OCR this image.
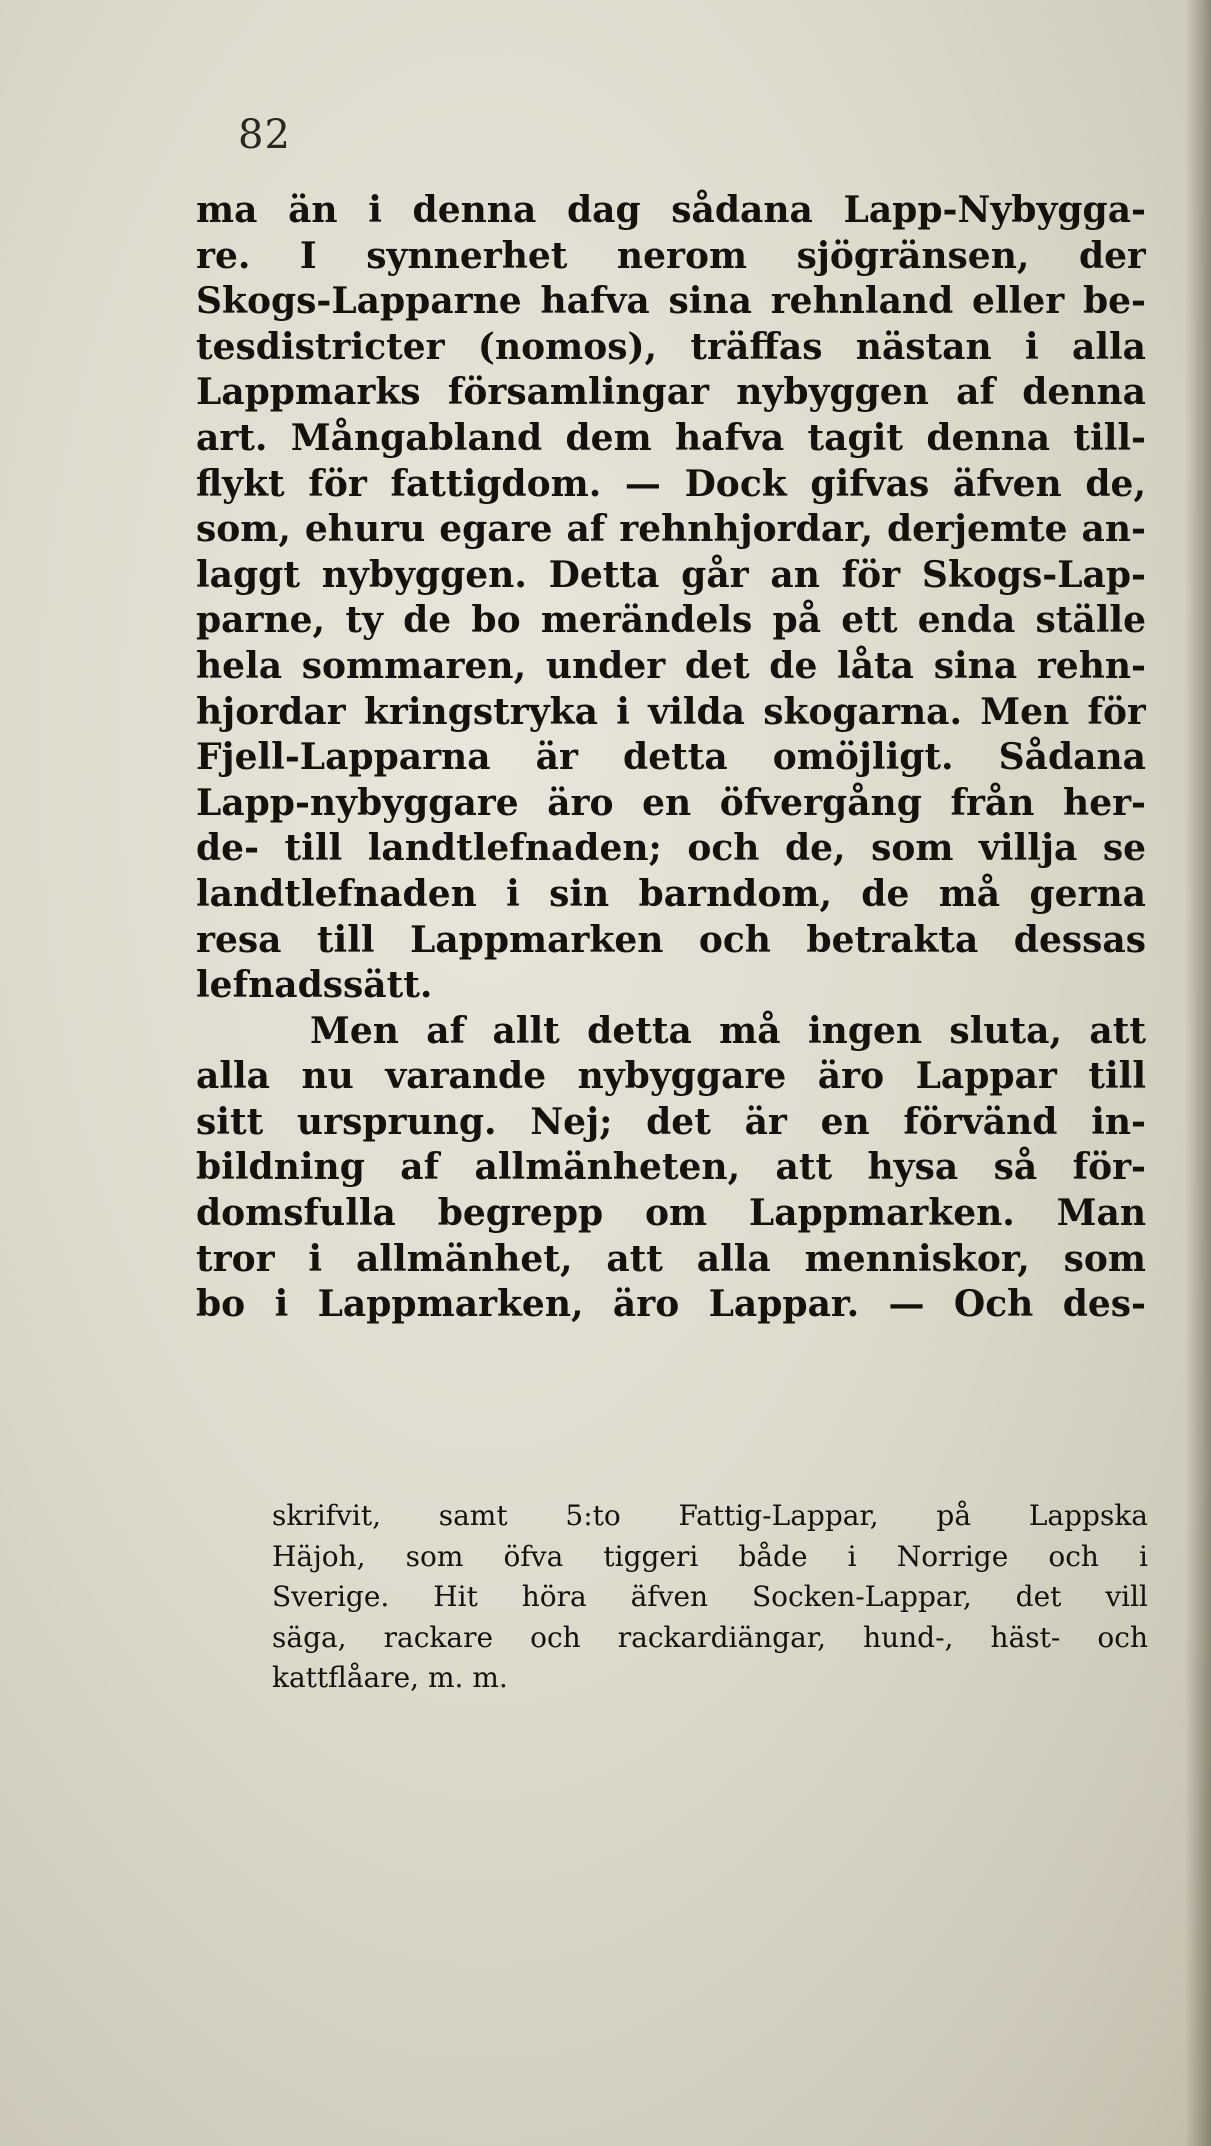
82
ma än i denna dag sådana Lapp-Nybygga-
re. I synnerhet nerom sjögränsen, der
Skogs-Lapparne hafva sina rehnland eller be-
tesdistricter (nomos), träffas nästan i alla
Lappmarks församlingar nybyggen af denna
art. Mångabland dem hafva tagit denna till-
flykt för fattigdom. — Dock gifvas äfven de,
som, ehuru egare af rehnhjordar, derjemte an-
laggt nybyggen. Detta går an för Skogs-Lap-
parne, ty de bo merändels på ett enda ställe
hela sommaren, under det de låta sina rehn-
hjordar kringstryka i vilda skogarna. Men för
Fjell-Lapparna är detta omöjligt. Sådana
Lapp-nybyggare äro en öfvergång från her-
de- till landtlefnaden; och de, som villja se
landtlefnaden i sin barndom, de må gerna
resa till Lappmarken och betrakta dessas
lefnadssätt.
Men af allt detta må ingen sluta, att
alla nu varande nybyggare äro Lappar till
sitt ursprung. Nej; det är en förvänd in-
bildning af allmänheten, att hysa så för-
domsfulla begrepp om Lappmarken. Man
tror i allmänhet, att alla menniskor, som
bo i Lappmarken, äro Lappar. — Och des-
skrifvit, samt 5:to Fattig-Lappar, på Lappska
Häjoh, som öfva tiggeri både i Norrige och i
Sverige. Hit höra äfven Socken-Lappar, det vill
säga, rackare och rackardiängar, hund-, häst- och
kattflåare, m. m.
